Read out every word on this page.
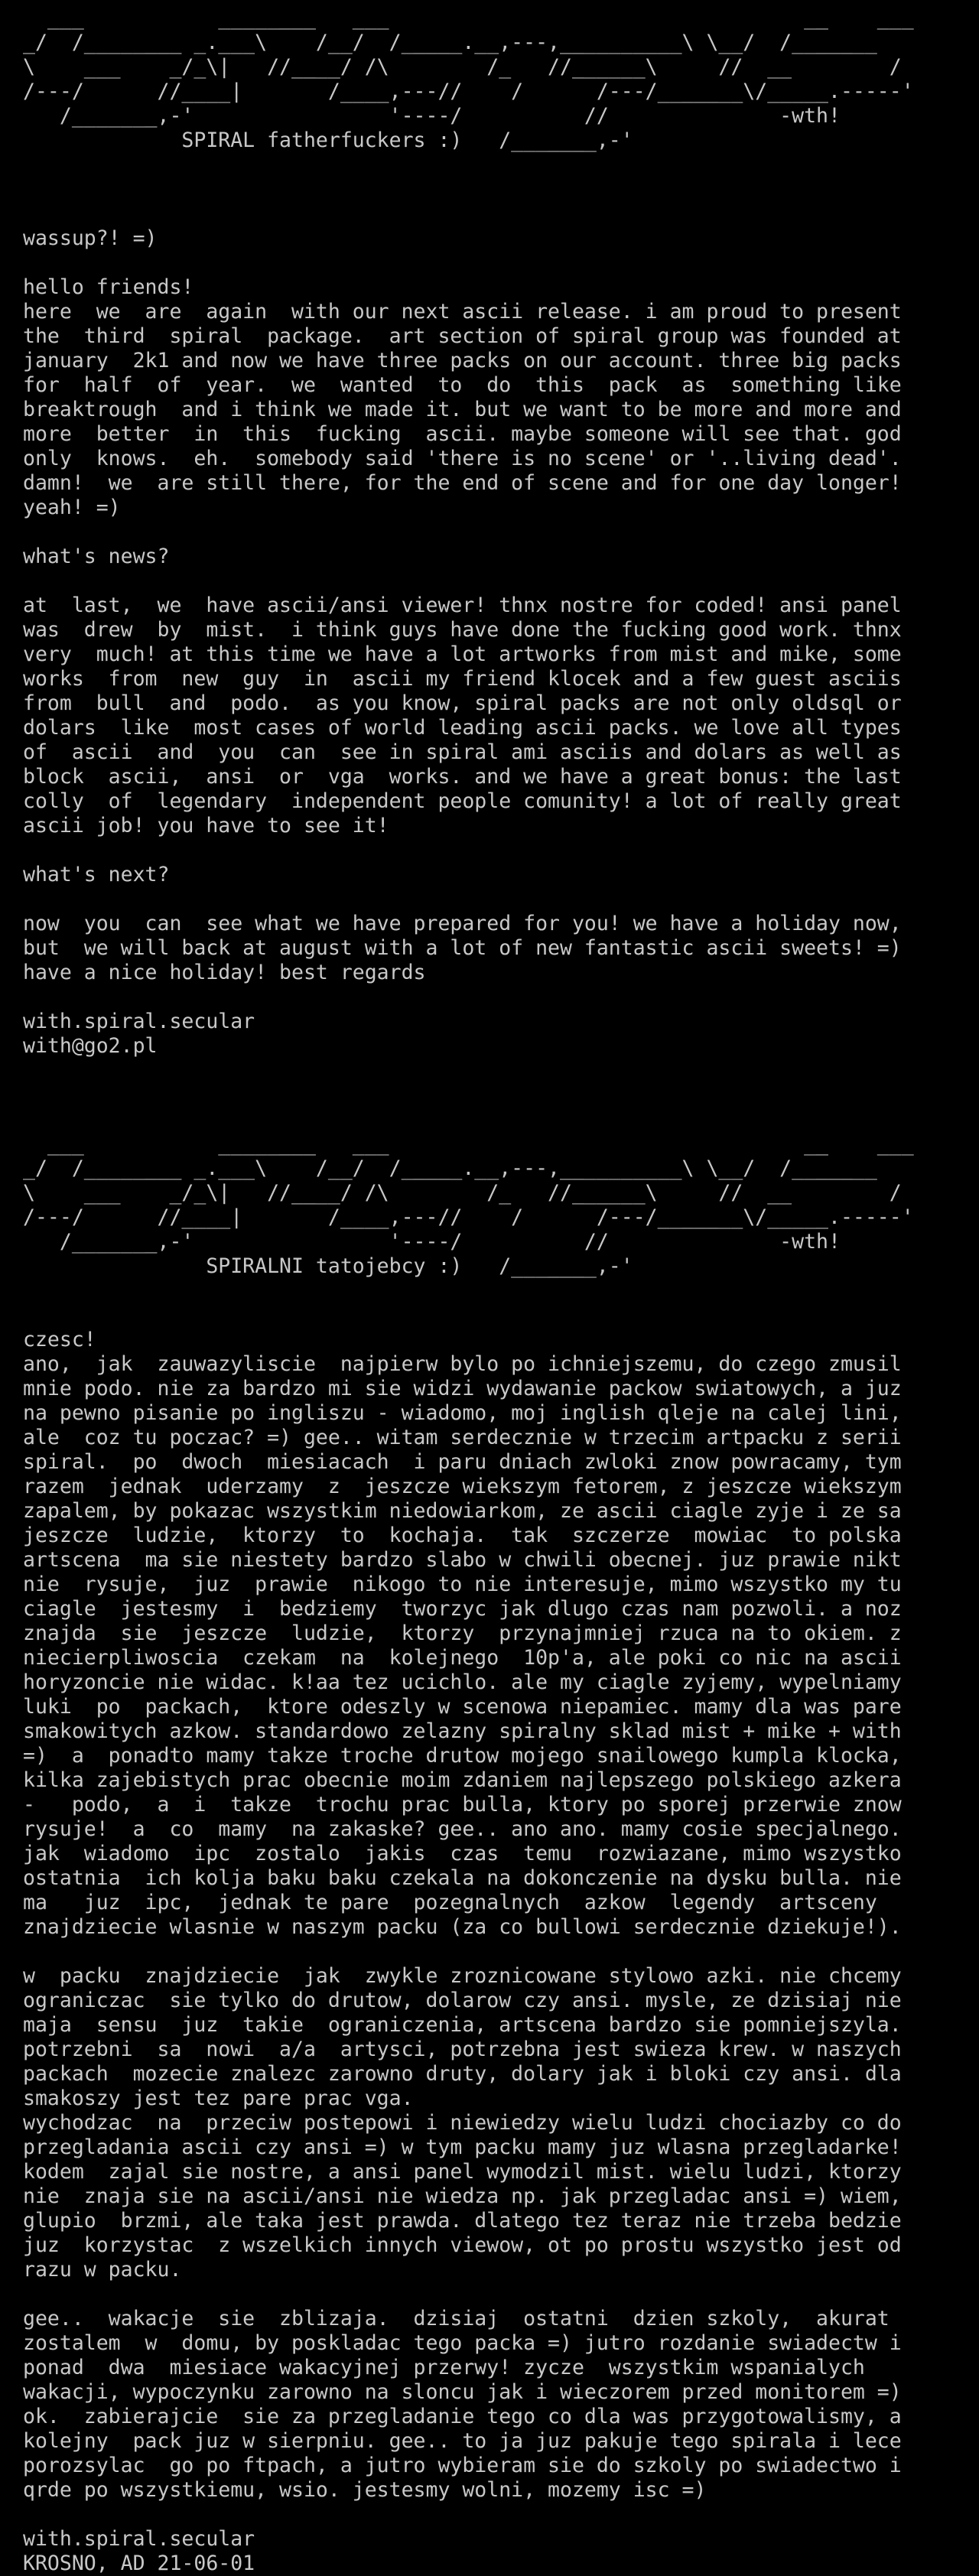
___           ________   ___                                  __    ___
_/  /________ _.___\    /__/  /_____.__,---,__________\ \__/  /_______
\    ___    _/_\|   //____/ /\        /_   //______\     //  __        /
/---/      //____|       /____,---//    /      /---/_______\/_____.-----'
/_______,-'                '----/          //              -wth!
SPIRAL fatherfuckers :)   /_______,-'

wassup?! =)

hello friends!
here  we  are  again  with our next ascii release. i am proud to present
the  third  spiral  package.  art section of spiral group was founded at
january  2k1 and now we have three packs on our account. three big packs
for  half  of  year.  we  wanted  to  do  this  pack  as  something like
breaktrough  and i think we made it. but we want to be more and more and
more  better  in  this  fucking  ascii. maybe someone will see that. god
only  knows.  eh.  somebody said 'there is no scene' or '..living dead'.
damn!  we  are still there, for the end of scene and for one day longer!
yeah! =)

what's news?

at  last,  we  have ascii/ansi viewer! thnx nostre for coded! ansi panel
was  drew  by  mist.  i think guys have done the fucking good work. thnx
very  much! at this time we have a lot artworks from mist and mike, some
works  from  new  guy  in  ascii my friend klocek and a few guest asciis
from  bull  and  podo.  as you know, spiral packs are not only oldsql or
dolars  like  most cases of world leading ascii packs. we love all types
of  ascii  and  you  can  see in spiral ami asciis and dolars as well as
block  ascii,  ansi  or  vga  works. and we have a great bonus: the last
colly  of  legendary  independent people comunity! a lot of really great
ascii job! you have to see it!

what's next?

now  you  can  see what we have prepared for you! we have a holiday now,
but  we will back at august with a lot of new fantastic ascii sweets! =)
have a nice holiday! best regards

with.spiral.secular
with@go2.pl

___           ________   ___                                  __    ___
_/  /________ _.___\    /__/  /_____.__,---,__________\ \__/  /_______
\    ___    _/_\|   //____/ /\        /_   //______\     //  __        /
/---/      //____|       /____,---//    /      /---/_______\/_____.-----'
/_______,-'                '----/          //              -wth!
SPIRALNI tatojebcy :)   /_______,-'

czesc!
ano,  jak  zauwazyliscie  najpierw bylo po ichniejszemu, do czego zmusil
mnie podo. nie za bardzo mi sie widzi wydawanie packow swiatowych, a juz
na pewno pisanie po ingliszu - wiadomo, moj inglish qleje na calej lini,
ale  coz tu poczac? =) gee.. witam serdecznie w trzecim artpacku z serii
spiral.  po  dwoch  miesiacach  i paru dniach zwloki znow powracamy, tym
razem  jednak  uderzamy  z  jeszcze wiekszym fetorem, z jeszcze wiekszym
zapalem, by pokazac wszystkim niedowiarkom, ze ascii ciagle zyje i ze sa
jeszcze  ludzie,  ktorzy  to  kochaja.  tak  szczerze  mowiac  to polska
artscena  ma sie niestety bardzo slabo w chwili obecnej. juz prawie nikt
nie  rysuje,  juz  prawie  nikogo to nie interesuje, mimo wszystko my tu
ciagle  jestesmy  i  bedziemy  tworzyc jak dlugo czas nam pozwoli. a noz
znajda  sie  jeszcze  ludzie,  ktorzy  przynajmniej rzuca na to okiem. z
niecierpliwoscia  czekam  na  kolejnego  10p'a, ale poki co nic na ascii
horyzoncie nie widac. k!aa tez ucichlo. ale my ciagle zyjemy, wypelniamy
luki  po  packach,  ktore odeszly w scenowa niepamiec. mamy dla was pare
smakowitych azkow. standardowo zelazny spiralny sklad mist + mike + with
=)  a  ponadto mamy takze troche drutow mojego snailowego kumpla klocka,
kilka zajebistych prac obecnie moim zdaniem najlepszego polskiego azkera
-   podo,  a  i  takze  trochu prac bulla, ktory po sporej przerwie znow
rysuje!  a  co  mamy  na zakaske? gee.. ano ano. mamy cosie specjalnego.
jak  wiadomo  ipc  zostalo  jakis  czas  temu  rozwiazane, mimo wszystko
ostatnia  ich kolja baku baku czekala na dokonczenie na dysku bulla. nie
ma   juz  ipc,  jednak te pare  pozegnalnych  azkow  legendy  artsceny
znajdziecie wlasnie w naszym packu (za co bullowi serdecznie dziekuje!).

w  packu  znajdziecie  jak  zwykle zroznicowane stylowo azki. nie chcemy
ograniczac  sie tylko do drutow, dolarow czy ansi. mysle, ze dzisiaj nie
maja  sensu  juz  takie  ograniczenia, artscena bardzo sie pomniejszyla.
potrzebni  sa  nowi  a/a  artysci, potrzebna jest swieza krew. w naszych
packach  mozecie znalezc zarowno druty, dolary jak i bloki czy ansi. dla
smakoszy jest tez pare prac vga.
wychodzac  na  przeciw postepowi i niewiedzy wielu ludzi chociazby co do
przegladania ascii czy ansi =) w tym packu mamy juz wlasna przegladarke!
kodem  zajal sie nostre, a ansi panel wymodzil mist. wielu ludzi, ktorzy
nie  znaja sie na ascii/ansi nie wiedza np. jak przegladac ansi =) wiem,
glupio  brzmi, ale taka jest prawda. dlatego tez teraz nie trzeba bedzie
juz  korzystac  z wszelkich innych viewow, ot po prostu wszystko jest od
razu w packu.

gee..  wakacje  sie  zblizaja.  dzisiaj  ostatni  dzien szkoly,  akurat
zostalem  w  domu, by poskladac tego packa =) jutro rozdanie swiadectw i
ponad  dwa  miesiace wakacyjnej przerwy! zycze  wszystkim wspanialych
wakacji, wypoczynku zarowno na sloncu jak i wieczorem przed monitorem =)
ok.  zabierajcie  sie za przegladanie tego co dla was przygotowalismy, a
kolejny  pack juz w sierpniu. gee.. to ja juz pakuje tego spirala i lece
porozsylac  go po ftpach, a jutro wybieram sie do szkoly po swiadectwo i
qrde po wszystkiemu, wsio. jestesmy wolni, mozemy isc =)

with.spiral.secular
KROSNO, AD 21-06-01
